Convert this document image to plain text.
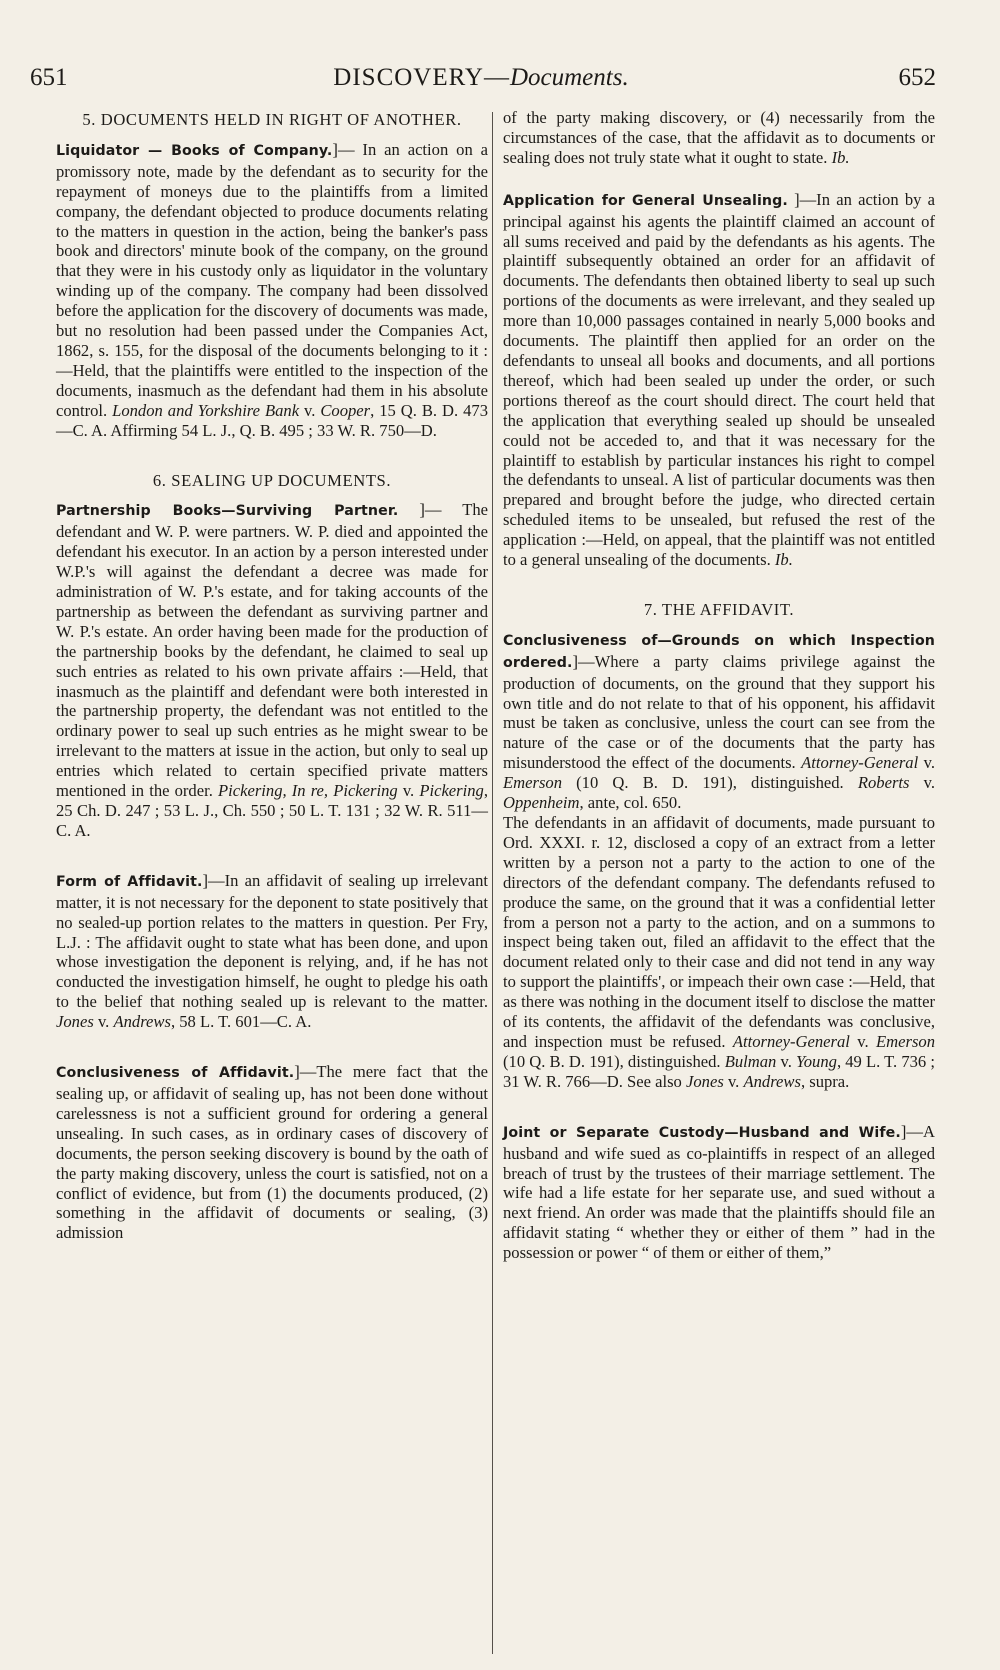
651	DISCOVERY—Documents.	652
5. DOCUMENTS HELD IN RIGHT OF ANOTHER.

Liquidator — Books of Company.]— In an action on a promissory note, made by the defendant as to security for the repayment of moneys due to the plaintiffs from a limited company, the defendant objected to produce documents relating to the matters in question in the action, being the banker's pass book and directors' minute book of the company, on the ground that they were in his custody only as liquidator in the voluntary winding up of the company. The company had been dissolved before the application for the discovery of documents was made, but no resolution had been passed under the Companies Act, 1862, s. 155, for the disposal of the documents belonging to it :—Held, that the plaintiffs were entitled to the inspection of the documents, inasmuch as the defendant had them in his absolute control. London and Yorkshire Bank v. Cooper, 15 Q. B. D. 473—C. A. Affirming 54 L. J., Q. B. 495 ; 33 W. R. 750—D.

6. SEALING UP DOCUMENTS.

Partnership Books—Surviving Partner. ]— The defendant and W. P. were partners. W. P. died and appointed the defendant his executor. In an action by a person interested under W.P.'s will against the defendant a decree was made for administration of W. P.'s estate, and for taking accounts of the partnership as between the defendant as surviving partner and W. P.'s estate. An order having been made for the production of the partnership books by the defendant, he claimed to seal up such entries as related to his own private affairs :—Held, that inasmuch as the plaintiff and defendant were both interested in the partnership property, the defendant was not entitled to the ordinary power to seal up such entries as he might swear to be irrelevant to the matters at issue in the action, but only to seal up entries which related to certain specified private matters mentioned in the order. Pickering, In re, Pickering v. Pickering, 25 Ch. D. 247 ; 53 L. J., Ch. 550 ; 50 L. T. 131 ; 32 W. R. 511—C. A.

Form of Affidavit.]—In an affidavit of sealing up irrelevant matter, it is not necessary for the deponent to state positively that no sealed-up portion relates to the matters in question. Per Fry, L.J. : The affidavit ought to state what has been done, and upon whose investigation the deponent is relying, and, if he has not conducted the investigation himself, he ought to pledge his oath to the belief that nothing sealed up is relevant to the matter. Jones v. Andrews, 58 L. T. 601—C. A.

Conclusiveness of Affidavit.]—The mere fact that the sealing up, or affidavit of sealing up, has not been done without carelessness is not a sufficient ground for ordering a general unsealing. In such cases, as in ordinary cases of discovery of documents, the person seeking discovery is bound by the oath of the party making discovery, unless the court is satisfied, not on a conflict of evidence, but from (1) the documents produced, (2) something in the affidavit of documents or sealing, (3) admission

of the party making discovery, or (4) necessarily from the circumstances of the case, that the affidavit as to documents or sealing does not truly state what it ought to state. Ib.

Application for General Unsealing. ]—In an action by a principal against his agents the plaintiff claimed an account of all sums received and paid by the defendants as his agents. The plaintiff subsequently obtained an order for an affidavit of documents. The defendants then obtained liberty to seal up such portions of the documents as were irrelevant, and they sealed up more than 10,000 passages contained in nearly 5,000 books and documents. The plaintiff then applied for an order on the defendants to unseal all books and documents, and all portions thereof, which had been sealed up under the order, or such portions thereof as the court should direct. The court held that the application that everything sealed up should be unsealed could not be acceded to, and that it was necessary for the plaintiff to establish by particular instances his right to compel the defendants to unseal. A list of particular documents was then prepared and brought before the judge, who directed certain scheduled items to be unsealed, but refused the rest of the application :—Held, on appeal, that the plaintiff was not entitled to a general unsealing of the documents. Ib.

7. THE AFFIDAVIT.

Conclusiveness of—Grounds on which Inspection ordered.]—Where a party claims privilege against the production of documents, on the ground that they support his own title and do not relate to that of his opponent, his affidavit must be taken as conclusive, unless the court can see from the nature of the case or of the documents that the party has misunderstood the effect of the documents. Attorney-General v. Emerson (10 Q. B. D. 191), distinguished. Roberts v. Oppenheim, ante, col. 650.

The defendants in an affidavit of documents, made pursuant to Ord. XXXI. r. 12, disclosed a copy of an extract from a letter written by a person not a party to the action to one of the directors of the defendant company. The defendants refused to produce the same, on the ground that it was a confidential letter from a person not a party to the action, and on a summons to inspect being taken out, filed an affidavit to the effect that the document related only to their case and did not tend in any way to support the plaintiffs', or impeach their own case :—Held, that as there was nothing in the document itself to disclose the matter of its contents, the affidavit of the defendants was conclusive, and inspection must be refused. Attorney-General v. Emerson (10 Q. B. D. 191), distinguished. Bulman v. Young, 49 L. T. 736 ; 31 W. R. 766—D. See also Jones v. Andrews, supra.

Joint or Separate Custody—Husband and Wife.]—A husband and wife sued as co-plaintiffs in respect of an alleged breach of trust by the trustees of their marriage settlement. The wife had a life estate for her separate use, and sued without a next friend. An order was made that the plaintiffs should file an affidavit stating “ whether they or either of them ” had in the possession or power “ of them or either of them,”
